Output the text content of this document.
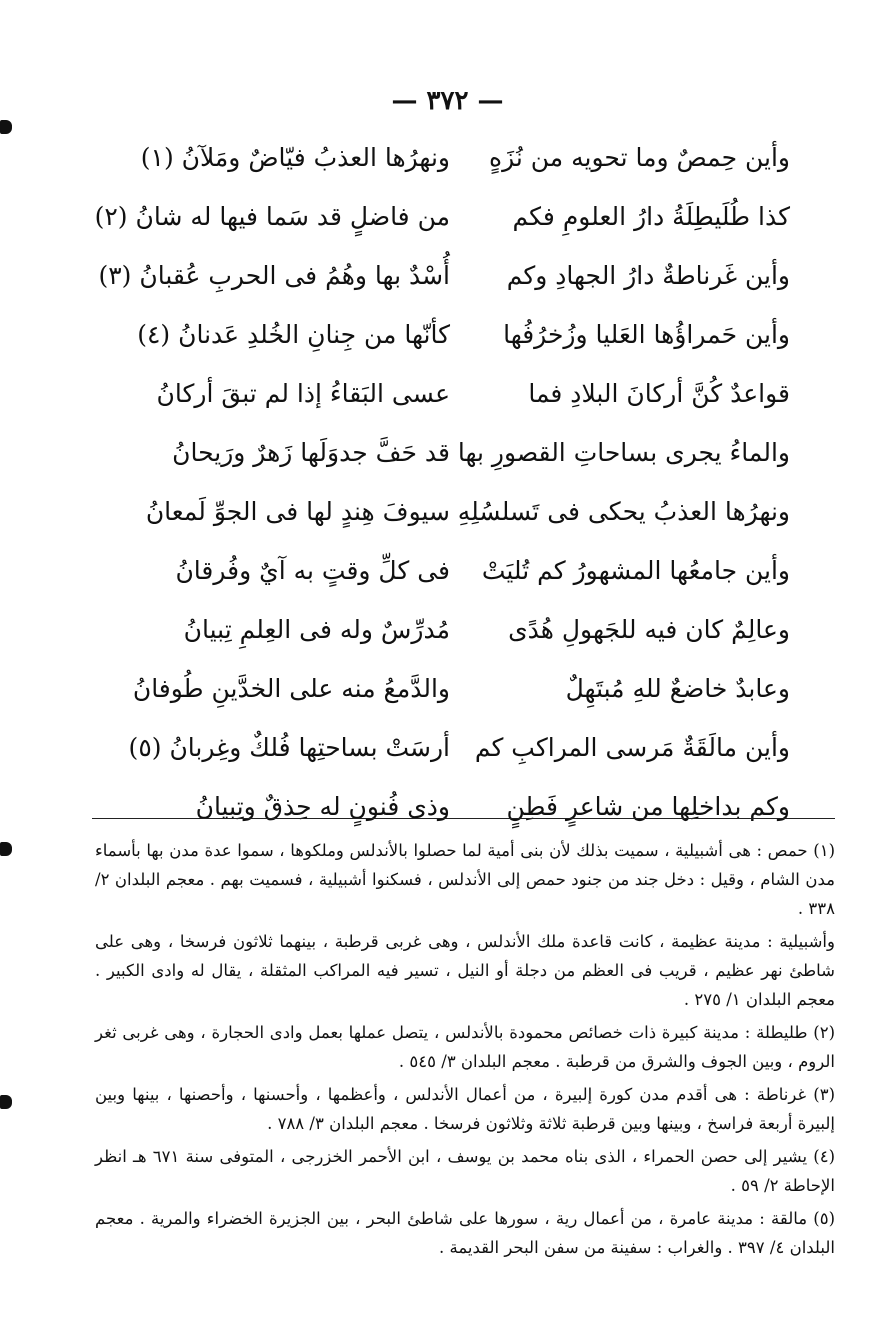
— ٣٧٢ —
وأين حِمصٌ وما تحويه من نُزَهٍ
ونهرُها العذبُ فيّاضٌ ومَلآنُ (١)
كذا طُلَيطِلَةُ دارُ العلومِ فكم
من فاضلٍ قد سَما فيها له شانُ (٢)
وأين غَرناطةٌ دارُ الجهادِ وكم
أُسْدٌ بها وهُمُ فى الحربِ عُقبانُ (٣)
وأين حَمراؤُها العَليا وزُخرُفُها
كأنّها من جِنانِ الخُلدِ عَدنانُ (٤)
قواعدٌ كُنَّ أركانَ البلادِ فما
عسى البَقاءُ إذا لم تبقَ أركانُ
والماءُ يجرى بساحاتِ القصورِ بها
قد حَفَّ جدوَلَها زَهرٌ ورَيحانُ
ونهرُها العذبُ يحكى فى تَسلسُلِهِ
سيوفَ هِندٍ لها فى الجوِّ لَمعانُ
وأين جامعُها المشهورُ كم تُليَتْ
فى كلِّ وقتٍ به آيٌ وفُرقانُ
وعالِمٌ كان فيه للجَهولِ هُدًى
مُدرِّسٌ وله فى العِلمِ تِبيانُ
وعابدٌ خاضعٌ للهِ مُبتَهِلٌ
والدَّمعُ منه على الخدَّينِ طُوفانُ
وأين مالَقَةٌ مَرسى المراكبِ كم
أرسَتْ بساحتِها فُلكٌ وغِربانُ (٥)
وكم بداخلِها من شاعرٍ فَطِنٍ
وذى فُنونٍ له حِذقٌ وتِبيانُ

(١) حمص : هى أشبيلية ، سميت بذلك لأن بنى أمية لما حصلوا بالأندلس وملكوها ، سموا عدة مدن بها بأسماء مدن الشام ، وقيل : دخل جند من جنود حمص إلى الأندلس ، فسكنوا أشبيلية ، فسميت بهم . معجم البلدان ٢/ ٣٣٨ .

وأشبيلية : مدينة عظيمة ، كانت قاعدة ملك الأندلس ، وهى غربى قرطبة ، بينهما ثلاثون فرسخا ، وهى على شاطئ نهر عظيم ، قريب فى العظم من دجلة أو النيل ، تسير فيه المراكب المثقلة ، يقال له وادى الكبير . معجم البلدان ١/ ٢٧٥ .

(٢) طليطلة : مدينة كبيرة ذات خصائص محمودة بالأندلس ، يتصل عملها بعمل وادى الحجارة ، وهى غربى ثغر الروم ، وبين الجوف والشرق من قرطبة . معجم البلدان ٣/ ٥٤٥ .

(٣) غرناطة : هى أقدم مدن كورة إلبيرة ، من أعمال الأندلس ، وأعظمها ، وأحسنها ، وأحصنها ، بينها وبين إلبيرة أربعة فراسخ ، وبينها وبين قرطبة ثلاثة وثلاثون فرسخا . معجم البلدان ٣/ ٧٨٨ .

(٤) يشير إلى حصن الحمراء ، الذى بناه محمد بن يوسف ، ابن الأحمر الخزرجى ، المتوفى سنة ٦٧١ هـ انظر الإحاطة ٢/ ٥٩ .

(٥) مالقة : مدينة عامرة ، من أعمال رية ، سورها على شاطئ البحر ، بين الجزيرة الخضراء والمرية . معجم البلدان ٤/ ٣٩٧ . والغراب : سفينة من سفن البحر القديمة .
